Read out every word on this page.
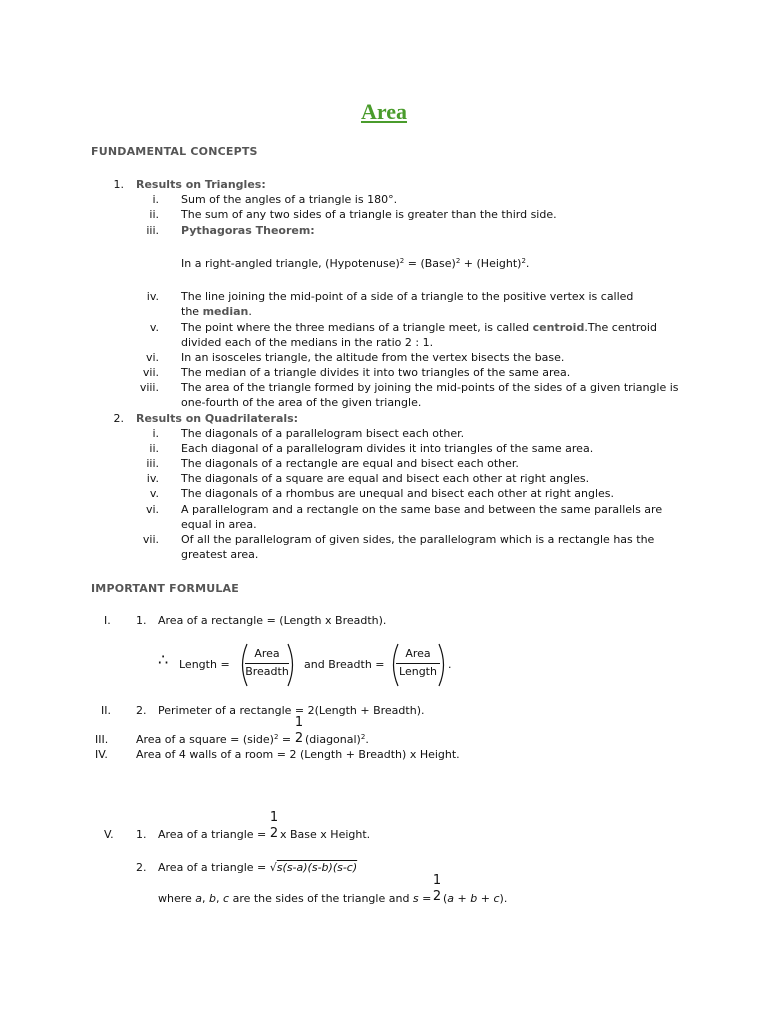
Area
FUNDAMENTAL CONCEPTS
1. Results on Triangles:
i. Sum of the angles of a triangle is 180°.
ii. The sum of any two sides of a triangle is greater than the third side.
iii. Pythagoras Theorem:
In a right-angled triangle, (Hypotenuse)$^2$ = (Base)$^2$ + (Height)$^2$.
iv. The line joining the mid-point of a side of a triangle to the positive vertex is called
the median.
v. The point where the three medians of a triangle meet, is called centroid.The centroid
divided each of the medians in the ratio 2 : 1.
vi. In an isosceles triangle, the altitude from the vertex bisects the base.
vii. The median of a triangle divides it into two triangles of the same area.
viii. The area of the triangle formed by joining the mid-points of the sides of a given triangle is
one-fourth of the area of the given triangle.
2. Results on Quadrilaterals:
i. The diagonals of a parallelogram bisect each other.
ii. Each diagonal of a parallelogram divides it into triangles of the same area.
iii. The diagonals of a rectangle are equal and bisect each other.
iv. The diagonals of a square are equal and bisect each other at right angles.
v. The diagonals of a rhombus are unequal and bisect each other at right angles.
vi. A parallelogram and a rectangle on the same base and between the same parallels are
equal in area.
vii. Of all the parallelogram of given sides, the parallelogram which is a rectangle has the
greatest area.
IMPORTANT FORMULAE
I. 1. Area of a rectangle = (Length x Breadth).
∴ Length =
Area
Breadth
and Breadth =
Area
Length
.
II. 2. Perimeter of a rectangle = 2(Length + Breadth).
III.	Area of a square = (side)$^2$ =
1
2 (diagonal)$^2$.
IV.	Area of 4 walls of a room = 2 (Length + Breadth) x Height.
V. 1. Area of a triangle =
1
2 x Base x Height.
2. Area of a triangle = √s(s-a)(s-b)(s-c)
where a, b, c are the sides of the triangle and s =
1
2 (a + b + c).
